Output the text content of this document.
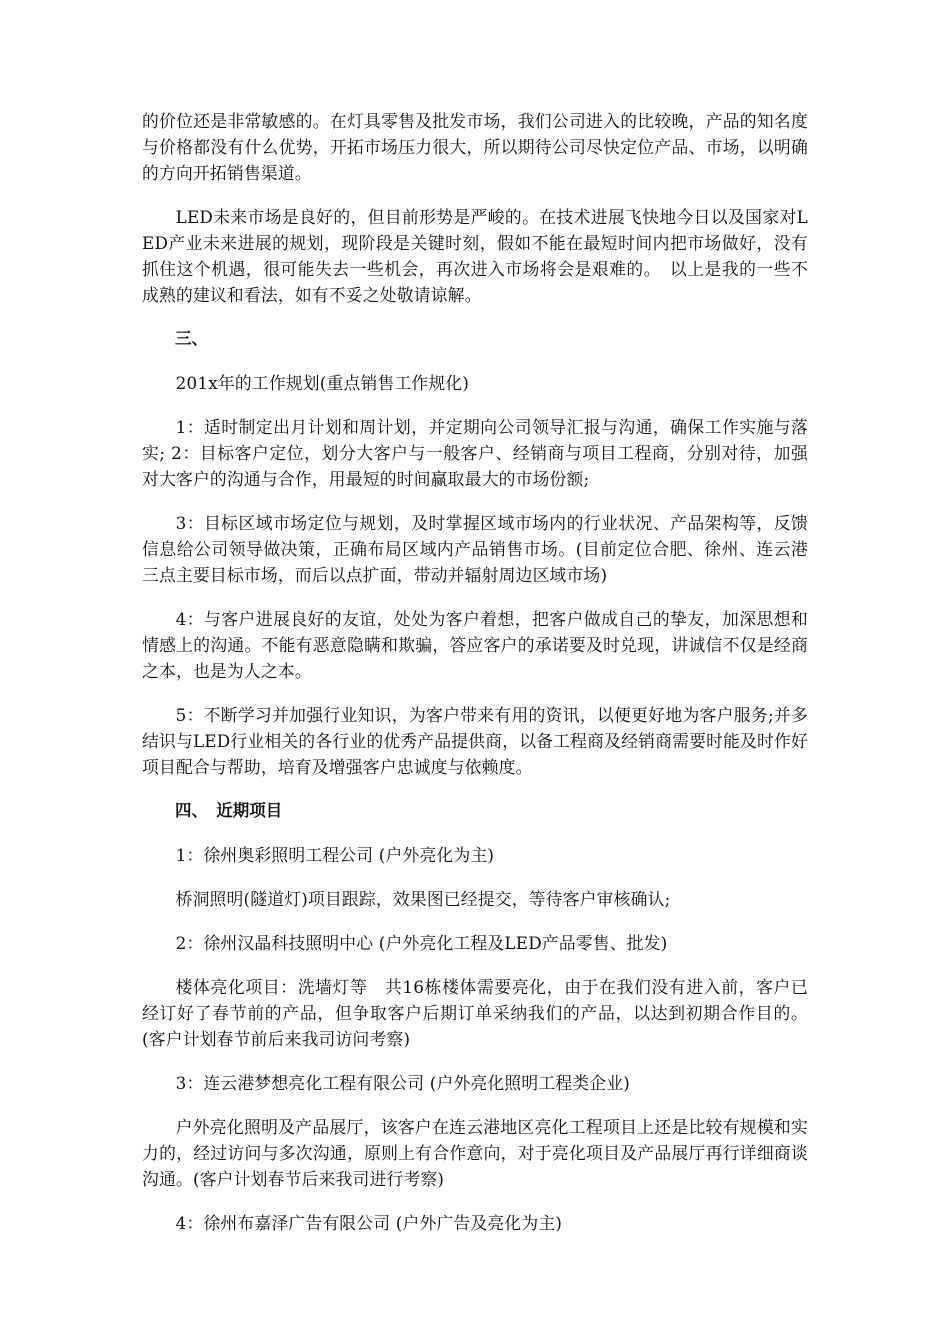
的价位还是非常敏感的。在灯具零售及批发市场，我们公司进入的比较晚，产品的知名度与价格都没有什么优势，开拓市场压力很大，所以期待公司尽快定位产品、市场，以明确的方向开拓销售渠道。

LED未来市场是良好的，但目前形势是严峻的。在技术进展飞快地今日以及国家对LED产业未来进展的规划，现阶段是关键时刻，假如不能在最短时间内把市场做好，没有抓住这个机遇，很可能失去一些机会，再次进入市场将会是艰难的。　以上是我的一些不成熟的建议和看法，如有不妥之处敬请谅解。

三、

201x年的工作规划(重点销售工作规化)

1：适时制定出月计划和周计划，并定期向公司领导汇报与沟通，确保工作实施与落实; 2：目标客户定位，划分大客户与一般客户、经销商与项目工程商，分别对待，加强对大客户的沟通与合作，用最短的时间赢取最大的市场份额;

3：目标区域市场定位与规划，及时掌握区域市场内的行业状况、产品架构等，反馈信息给公司领导做决策，正确布局区域内产品销售市场。(目前定位合肥、徐州、连云港三点主要目标市场，而后以点扩面，带动并辐射周边区域市场)

4：与客户进展良好的友谊，处处为客户着想，把客户做成自己的挚友，加深思想和情感上的沟通。不能有恶意隐瞒和欺骗，答应客户的承诺要及时兑现，讲诚信不仅是经商之本，也是为人之本。

5：不断学习并加强行业知识，为客户带来有用的资讯，以便更好地为客户服务;并多结识与LED行业相关的各行业的优秀产品提供商，以备工程商及经销商需要时能及时作好项目配合与帮助，培育及增强客户忠诚度与依赖度。

四、　近期项目

1：徐州奥彩照明工程公司 (户外亮化为主)

桥洞照明(隧道灯)项目跟踪，效果图已经提交，等待客户审核确认;

2：徐州汉晶科技照明中心 (户外亮化工程及LED产品零售、批发)

楼体亮化项目：洗墙灯等　共16栋楼体需要亮化，由于在我们没有进入前，客户已经订好了春节前的产品，但争取客户后期订单采纳我们的产品，以达到初期合作目的。(客户计划春节前后来我司访问考察)

3：连云港梦想亮化工程有限公司 (户外亮化照明工程类企业)

户外亮化照明及产品展厅，该客户在连云港地区亮化工程项目上还是比较有规模和实力的，经过访问与多次沟通，原则上有合作意向，对于亮化项目及产品展厅再行详细商谈沟通。(客户计划春节后来我司进行考察)

4：徐州布嘉泽广告有限公司 (户外广告及亮化为主)
